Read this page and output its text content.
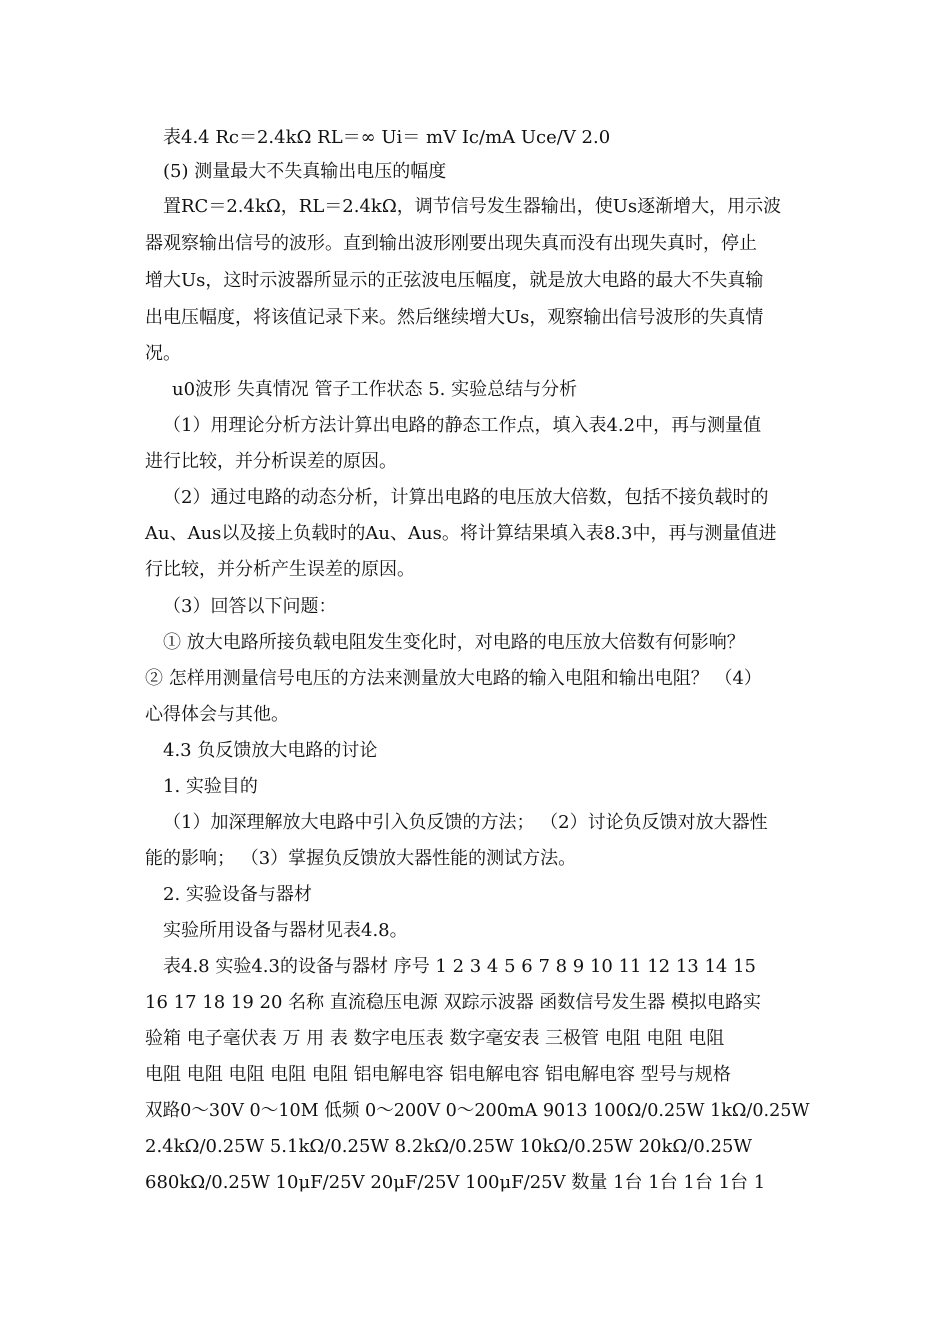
表4.4 Rc＝2.4kΩ RL＝∞ Ui＝ mV Ic/mA Uce/V 2.0
(5) 测量最大不失真输出电压的幅度
置RC＝2.4kΩ，RL＝2.4kΩ，调节信号发生器输出，使Us逐渐增大，用示波
器观察输出信号的波形。直到输出波形刚要出现失真而没有出现失真时，停止
增大Us，这时示波器所显示的正弦波电压幅度，就是放大电路的最大不失真输
出电压幅度，将该值记录下来。然后继续增大Us，观察输出信号波形的失真情
况。
u0波形 失真情况 管子工作状态 5. 实验总结与分析
（1）用理论分析方法计算出电路的静态工作点，填入表4.2中，再与测量值
进行比较，并分析误差的原因。
（2）通过电路的动态分析，计算出电路的电压放大倍数，包括不接负载时的
Au、Aus以及接上负载时的Au、Aus。将计算结果填入表8.3中，再与测量值进
行比较，并分析产生误差的原因。
（3）回答以下问题：
① 放大电路所接负载电阻发生变化时，对电路的电压放大倍数有何影响？
② 怎样用测量信号电压的方法来测量放大电路的输入电阻和输出电阻？ （4）
心得体会与其他。
4.3 负反馈放大电路的讨论
1. 实验目的
（1）加深理解放大电路中引入负反馈的方法； （2）讨论负反馈对放大器性
能的影响； （3）掌握负反馈放大器性能的测试方法。
2. 实验设备与器材
实验所用设备与器材见表4.8。
表4.8 实验4.3的设备与器材 序号 1 2 3 4 5 6 7 8 9 10 11 12 13 14 15
16 17 18 19 20 名称 直流稳压电源 双踪示波器 函数信号发生器 模拟电路实
验箱 电子毫伏表 万 用 表 数字电压表 数字毫安表 三极管 电阻 电阻 电阻
电阻 电阻 电阻 电阻 电阻 铝电解电容 铝电解电容 铝电解电容 型号与规格
双路0～30V 0～10M 低频 0～200V 0～200mA 9013 100Ω/0.25W 1kΩ/0.25W
2.4kΩ/0.25W 5.1kΩ/0.25W 8.2kΩ/0.25W 10kΩ/0.25W 20kΩ/0.25W
680kΩ/0.25W 10μF/25V 20μF/25V 100μF/25V 数量 1台 1台 1台 1台 1
